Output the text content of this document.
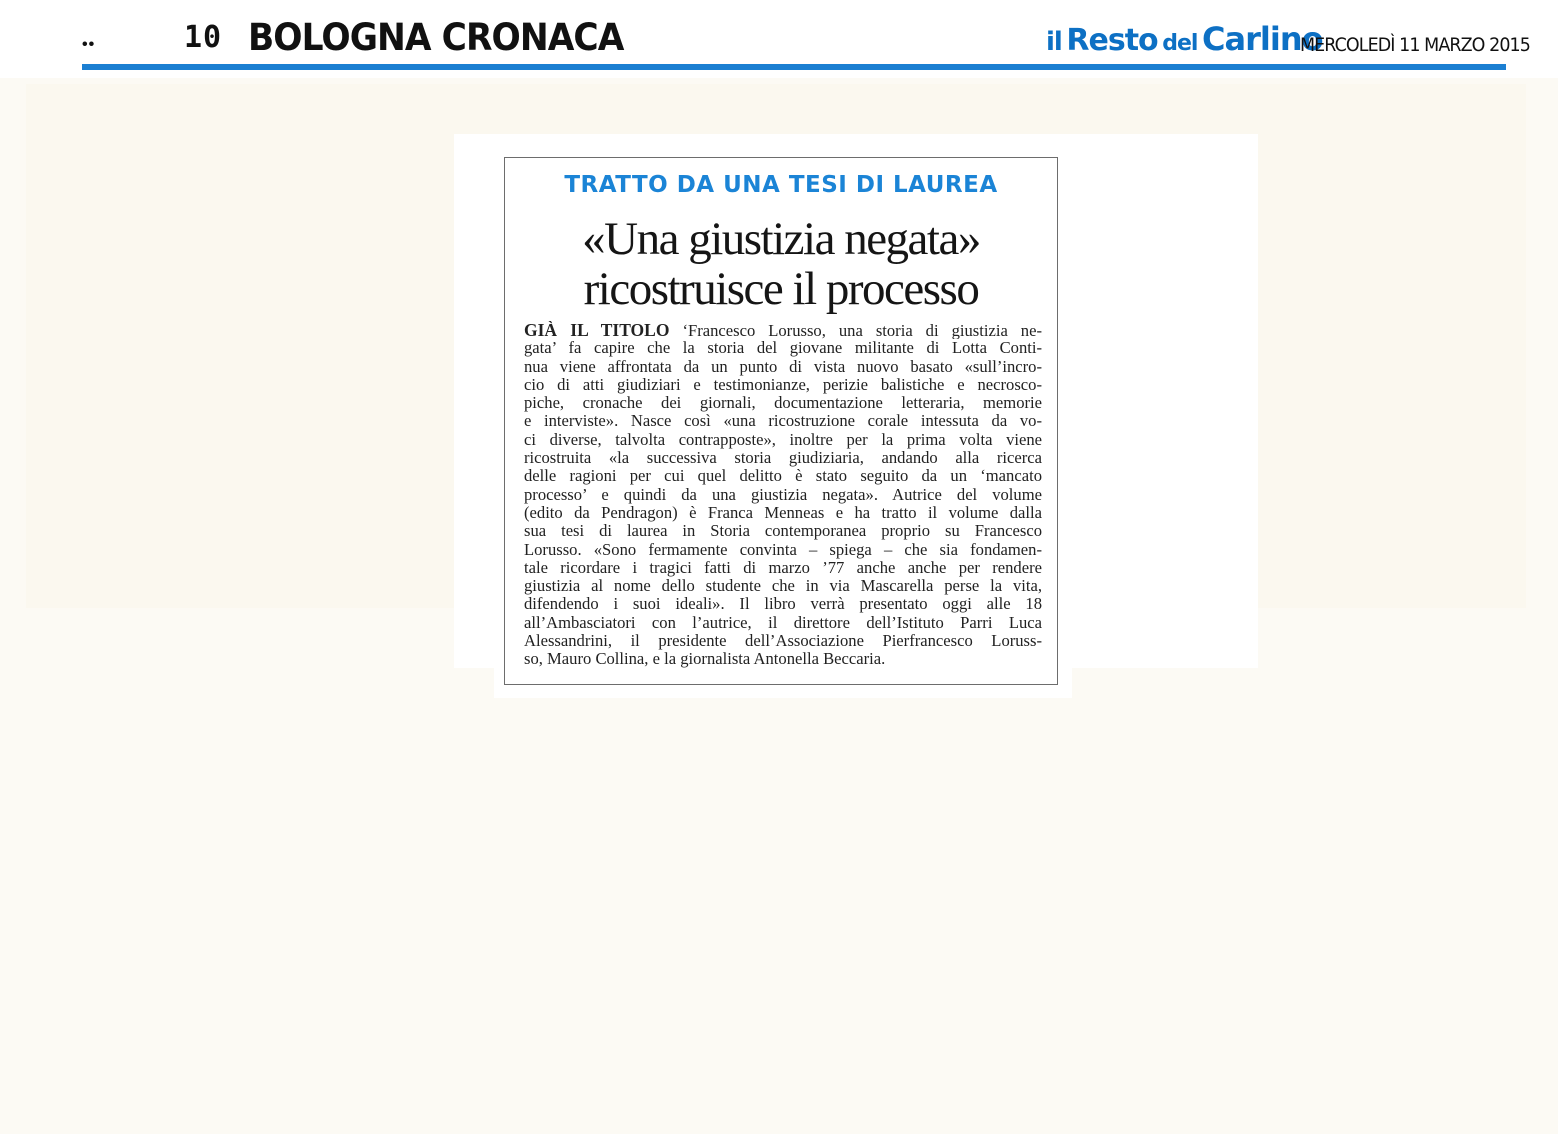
••	10 BOLOGNA CRONACA	il Resto del Carlino
MERCOLEDÌ 11 MARZO 2015
TRATTO DA UNA TESI DI LAUREA
«Una giustizia negata»
ricostruisce il processo
GIÀ IL TITOLO ‘Francesco Lorusso, una storia di giustizia ne-
gata’ fa capire che la storia del giovane militante di Lotta Conti-
nua viene affrontata da un punto di vista nuovo basato «sull’incro-
cio di atti giudiziari e testimonianze, perizie balistiche e necrosco-
piche, cronache dei giornali, documentazione letteraria, memorie
e interviste». Nasce così «una ricostruzione corale intessuta da vo-
ci diverse, talvolta contrapposte», inoltre per la prima volta viene
ricostruita «la successiva storia giudiziaria, andando alla ricerca
delle ragioni per cui quel delitto è stato seguito da un ‘mancato
processo’ e quindi da una giustizia negata». Autrice del volume
(edito da Pendragon) è Franca Menneas e ha tratto il volume dalla
sua tesi di laurea in Storia contemporanea proprio su Francesco
Lorusso. «Sono fermamente convinta – spiega – che sia fondamen-
tale ricordare i tragici fatti di marzo ’77 anche anche per rendere
giustizia al nome dello studente che in via Mascarella perse la vita,
difendendo i suoi ideali». Il libro verrà presentato oggi alle 18
all’Ambasciatori con l’autrice, il direttore dell’Istituto Parri Luca
Alessandrini, il presidente dell’Associazione Pierfrancesco Loruss-
so, Mauro Collina, e la giornalista Antonella Beccaria.
